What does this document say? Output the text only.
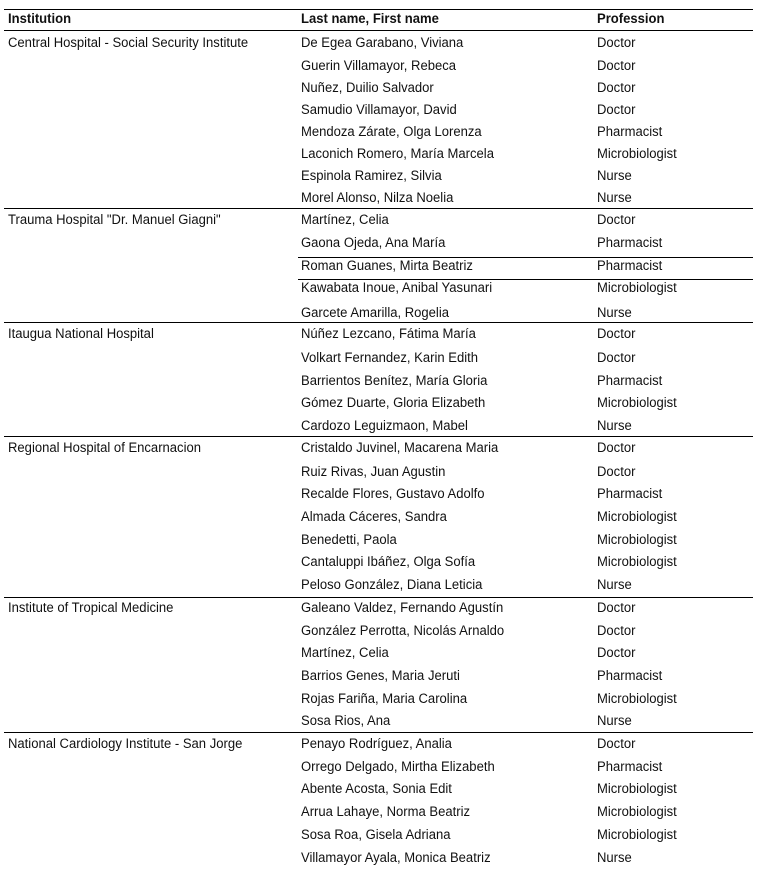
Institution	Last name, First name	Profession
Central Hospital - Social Security Institute	De Egea Garabano, Viviana	Doctor
Guerin Villamayor, Rebeca	Doctor
Nuñez, Duilio Salvador	Doctor
Samudio Villamayor, David	Doctor
Mendoza Zárate, Olga Lorenza	Pharmacist
Laconich Romero, María Marcela	Microbiologist
Espinola Ramirez, Silvia	Nurse
Morel Alonso, Nilza Noelia	Nurse
Trauma Hospital "Dr. Manuel Giagni"	Martínez, Celia	Doctor
Gaona Ojeda, Ana María	Pharmacist
Roman Guanes, Mirta Beatriz	Pharmacist
Kawabata Inoue, Anibal Yasunari	Microbiologist
Garcete Amarilla, Rogelia	Nurse
Itaugua National Hospital	Núñez Lezcano, Fátima María	Doctor
Volkart Fernandez, Karin Edith	Doctor
Barrientos Benítez, María Gloria	Pharmacist
Gómez Duarte, Gloria Elizabeth	Microbiologist
Cardozo Leguizmaon, Mabel	Nurse
Regional Hospital of Encarnacion	Cristaldo Juvinel, Macarena Maria	Doctor
Ruiz Rivas, Juan Agustin	Doctor
Recalde Flores, Gustavo Adolfo	Pharmacist
Almada Cáceres, Sandra	Microbiologist
Benedetti, Paola	Microbiologist
Cantaluppi Ibáñez, Olga Sofía	Microbiologist
Peloso González, Diana Leticia	Nurse
Institute of Tropical Medicine	Galeano Valdez, Fernando Agustín	Doctor
González Perrotta, Nicolás Arnaldo	Doctor
Martínez, Celia	Doctor
Barrios Genes, Maria Jeruti	Pharmacist
Rojas Fariña, Maria Carolina	Microbiologist
Sosa Rios, Ana	Nurse
National Cardiology Institute - San Jorge	Penayo Rodríguez, Analia	Doctor
Orrego Delgado, Mirtha Elizabeth	Pharmacist
Abente Acosta, Sonia Edit	Microbiologist
Arrua Lahaye, Norma Beatriz	Microbiologist
Sosa Roa, Gisela Adriana	Microbiologist
Villamayor Ayala, Monica Beatriz	Nurse
